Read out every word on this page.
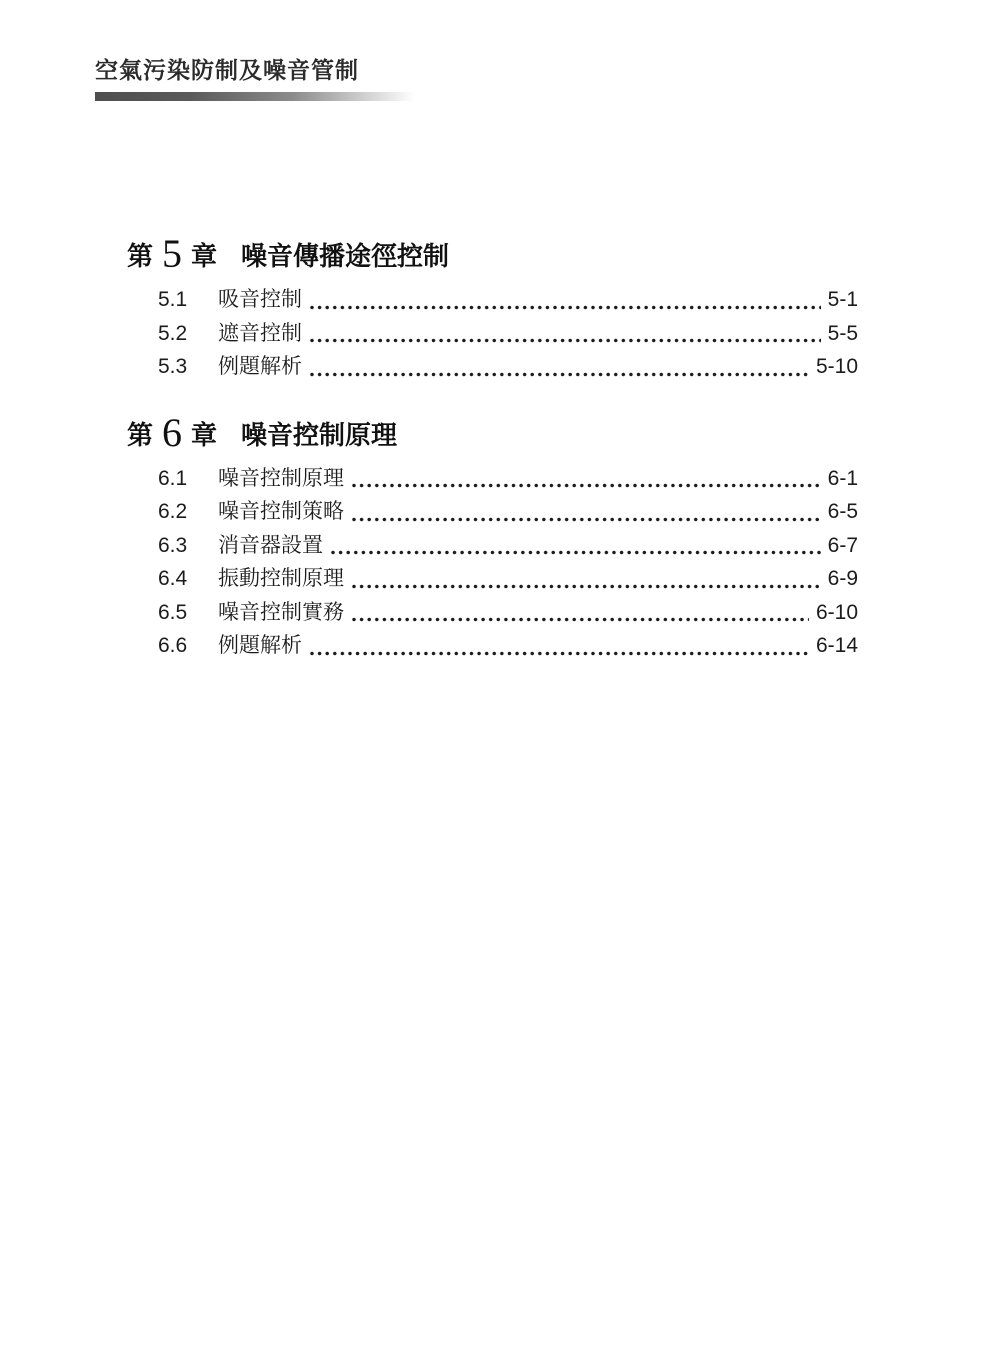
空氣污染防制及噪音管制
第 5 章 噪音傳播途徑控制
5.1	吸音控制	5-1
5.2	遮音控制	5-5
5.3	例題解析	5-10
第 6 章 噪音控制原理
6.1	噪音控制原理	6-1
6.2	噪音控制策略	6-5
6.3	消音器設置	6-7
6.4	振動控制原理	6-9
6.5	噪音控制實務	6-10
6.6	例題解析	6-14
